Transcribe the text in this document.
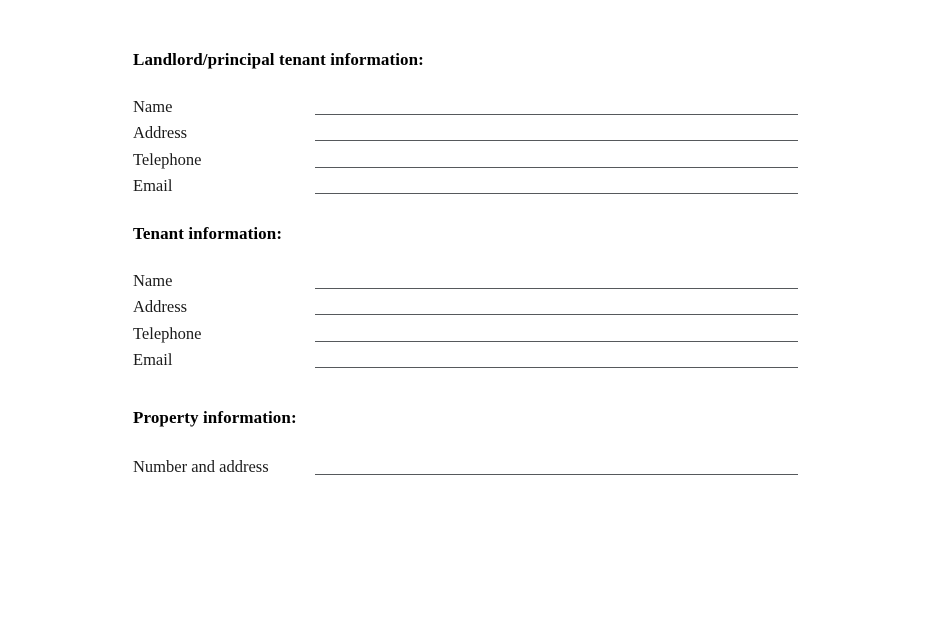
Landlord/principal tenant information:
Name
Address
Telephone
Email
Tenant information:
Name
Address
Telephone
Email
Property information:
Number and address
